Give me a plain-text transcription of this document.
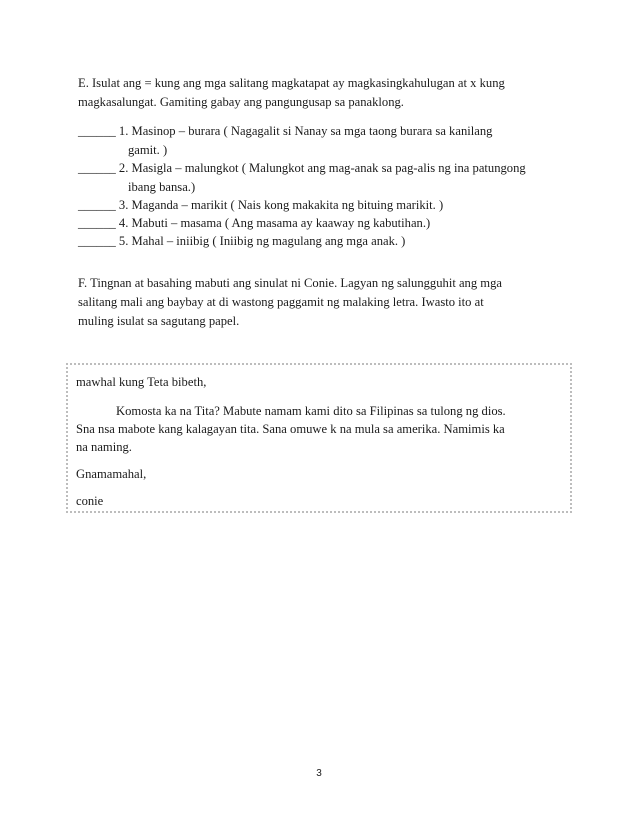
E. Isulat ang = kung ang mga salitang magkatapat ay magkasingkahulugan at x kung
magkasalungat. Gamiting gabay ang pangungusap sa panaklong.
______ 1. Masinop – burara ( Nagagalit si Nanay sa mga taong burara sa kanilang
gamit. )
______ 2. Masigla – malungkot ( Malungkot ang mag-anak sa pag-alis ng ina patungong
ibang bansa.)
______ 3. Maganda – marikit ( Nais kong makakita ng bituing marikit. )
______ 4. Mabuti – masama ( Ang masama ay kaaway ng kabutihan.)
______ 5. Mahal – iniibig ( Iniibig ng magulang ang mga anak. )
F. Tingnan at basahing mabuti ang sinulat ni Conie. Lagyan ng salungguhit ang mga
salitang mali ang baybay at di wastong paggamit ng malaking letra. Iwasto ito at
muling isulat sa sagutang papel.
mawhal kung Teta bibeth,
Komosta ka na Tita? Mabute namam kami dito sa Filipinas sa tulong ng dios.
Sna nsa mabote kang kalagayan tita. Sana omuwe k na mula sa amerika. Namimis ka
na naming.
Gnamamahal,
conie
3
